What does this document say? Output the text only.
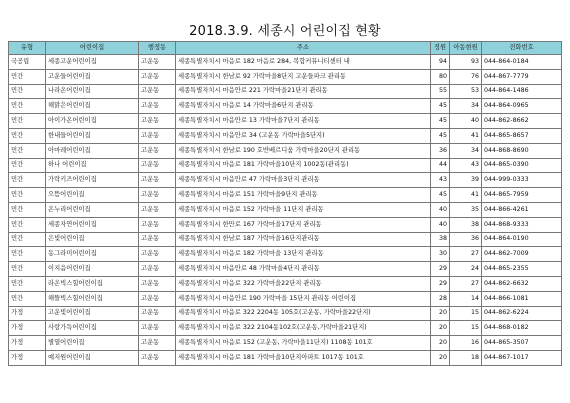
2018.3.9. 세종시 어린이집 현황
유형	어린이집	행정동	주소	정원	아동현원	전화번호
국공립	세종고운어린이집	고운동	세종특별자치시 마음로 182 마음로 284, 복합커뮤니티센터 내	94	93	044-864-0184
민간	고운들어린이집	고운동	세종특별자치시 한남로 92 가락마을8단지 고운들파크 관리동	80	76	044-867-7779
민간	나라온어린이집	고운동	세종특별자치시 마음안로 221 가락마을21단지 관리동	55	53	044-864-1486
민간	해맑은어린이집	고운동	세종특별자치시 마음로 14 가락마을6단지 관리동	45	34	044-864-0965
민간	아이가온어린이집	고운동	세종특별자치시 마음안로 13 가락마을7단지 관리동	45	40	044-862-8662
민간	한내들어린이집	고운동	세종특별자치시 마음안로 34 (고운동 가락마을5단지)	45	41	044-865-8657
민간	아마레어린이집	고운동	세종특별자치시 한남로 190 호반베르디움 가락마을20단지 관리동	36	34	044-868-8690
민간	하나 어린이집	고운동	세종특별자치시 마음로 181 가락마을10단지 1002동(관리동)	44	43	044-865-0390
민간	가락키즈어린이집	고운동	세종특별자치시 마음안로 47 가락마을3단지 관리동	43	39	044-999-0333
민간	으뜸어린이집	고운동	세종특별자치시 마음로 151 가락마을9단지 관리동	45	41	044-865-7959
민간	온누리어린이집	고운동	세종특별자치시 마음로 152 가락마을 11단지 관리동	40	35	044-866-4261
민간	세종자연어린이집	고운동	세종특별자치시 한만로 167 가락마을17단지 관리동	40	38	044-868-9333
민간	은빛어린이집	고운동	세종특별자치시 한남로 187 가락마을16단지관리동	38	36	044-864-0190
민간	동그라미어린이집	고운동	세종특별자치시 마음로 182 가락마을 13단지 관리동	30	27	044-862-7009
민간	이지음어린이집	고운동	세종특별자치시 마음안로 48 가락마을4단지 관리동	29	24	044-865-2355
민간	라온빅스힐어린이집	고운동	세종특별자치시 마음로 322 가락마을22단지 관리동	29	27	044-862-6632
민간	해뜰빅스힐어린이집	고운동	세종특별자치시 마음안로 190 가락마을 15단지 관리동 어린이집	28	14	044-866-1081
가정	고운빛어린이집	고운동	세종특별자치시 마음로 322 2204동 105호(고운동, 가락마을22단지)	20	15	044-862-6224
가정	사랑가득어린이집	고운동	세종특별자치시 마음로 322 2104동102호(고운동,가락마을21단지)	20	15	044-868-0182
가정	별열어린이집	고운동	세종특별자치시 마음로 152 (고운동, 가락마을11단지) 1108동 101호	20	16	044-865-3507
가정	예지원어린이집	고운동	세종특별자치시 마음로 181 가락마을10단지아파트 1017동 101호	20	18	044-867-1017
